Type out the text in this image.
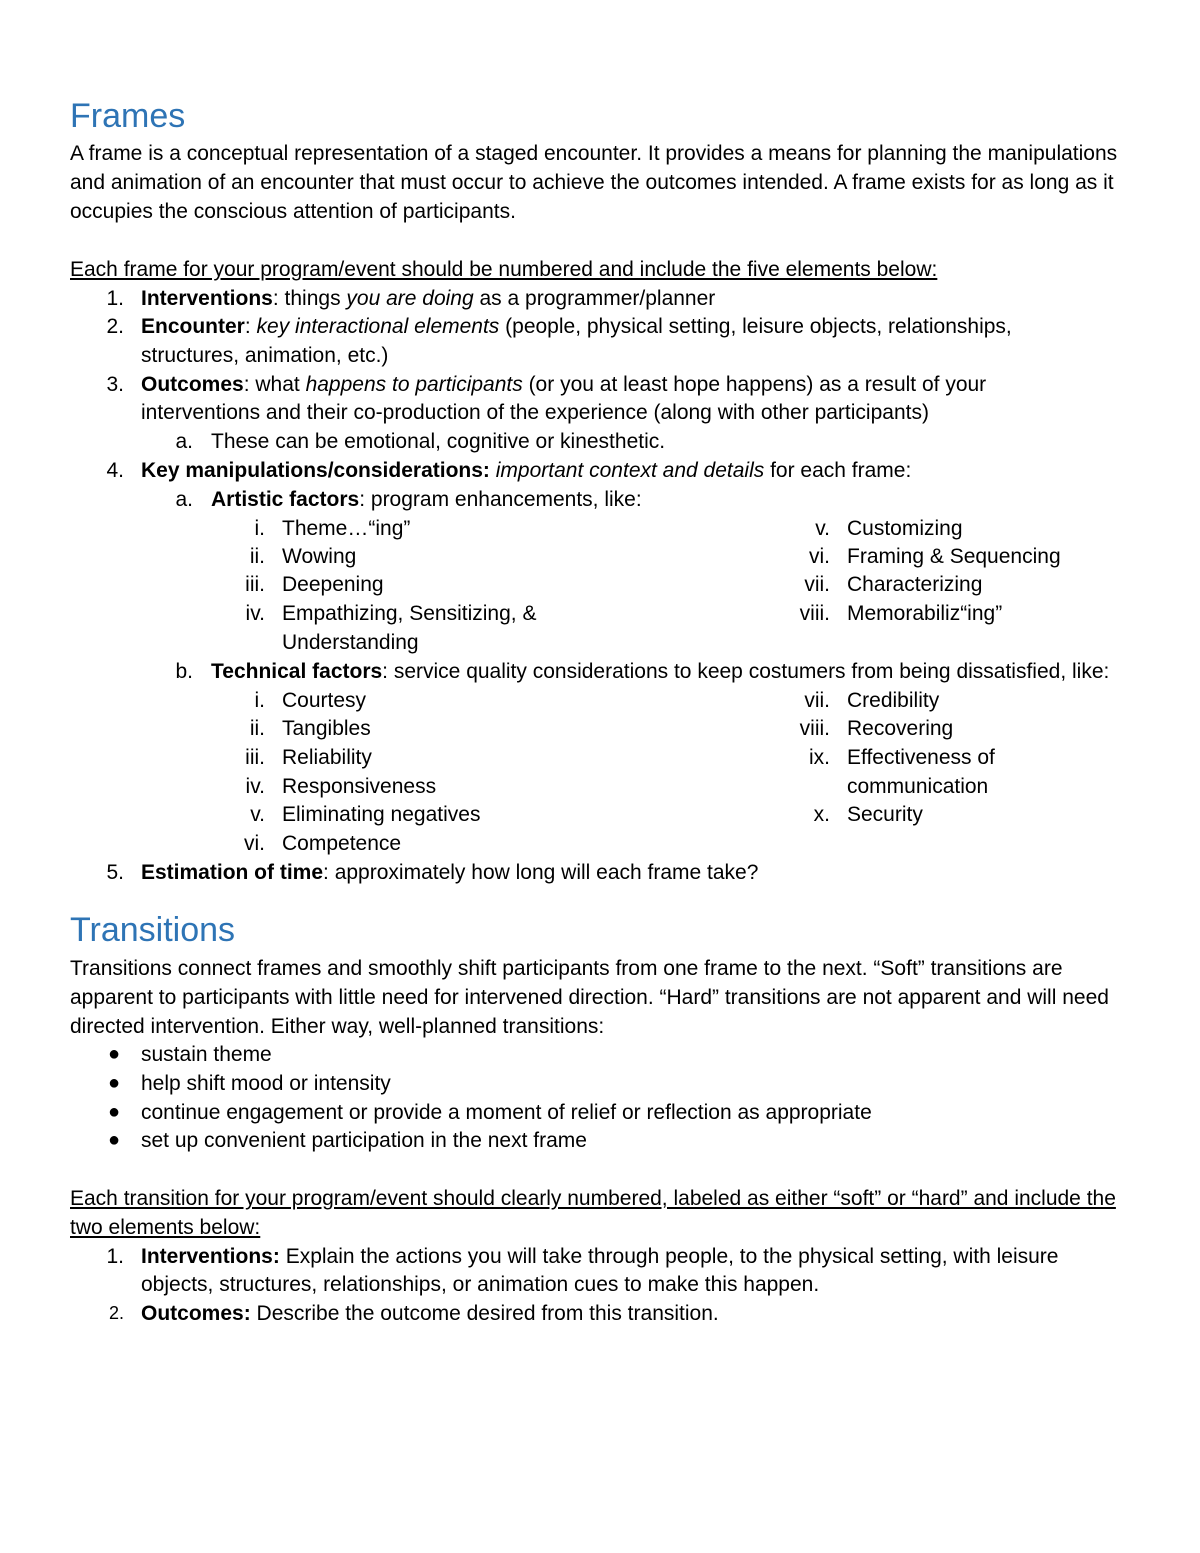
Frames

A frame is a conceptual representation of a staged encounter. It provides a means for planning the manipulations and animation of an encounter that must occur to achieve the outcomes intended. A frame exists for as long as it occupies the conscious attention of participants.

Each frame for your program/event should be numbered and include the five elements below:
1. Interventions: things you are doing as a programmer/planner
2. Encounter: key interactional elements (people, physical setting, leisure objects, relationships,
structures, animation, etc.)
3. Outcomes: what happens to participants (or you at least hope happens) as a result of your
interventions and their co-production of the experience (along with other participants)
a. These can be emotional, cognitive or kinesthetic.
4. Key manipulations/considerations: important context and details for each frame:
a. Artistic factors: program enhancements, like:
i. Theme…“ing”
ii. Wowing
iii. Deepening
iv. Empathizing, Sensitizing, &
Understanding
v. Customizing
vi. Framing & Sequencing
vii. Characterizing
viii. Memorabiliz“ing”
b. Technical factors: service quality considerations to keep costumers from being dissatisfied, like:
i. Courtesy
ii. Tangibles
iii. Reliability
iv. Responsiveness
v. Eliminating negatives
vi. Competence
vii. Credibility
viii. Recovering
ix. Effectiveness of
communication
x. Security
5. Estimation of time: approximately how long will each frame take?
Transitions

Transitions connect frames and smoothly shift participants from one frame to the next. “Soft” transitions are apparent to participants with little need for intervened direction. “Hard” transitions are not apparent and will need directed intervention. Either way, well-planned transitions:

● sustain theme
● help shift mood or intensity
● continue engagement or provide a moment of relief or reflection as appropriate
● set up convenient participation in the next frame

Each transition for your program/event should clearly numbered, labeled as either “soft” or “hard” and include the two elements below:

1. Interventions: Explain the actions you will take through people, to the physical setting, with leisure
objects, structures, relationships, or animation cues to make this happen.
2. Outcomes: Describe the outcome desired from this transition.
